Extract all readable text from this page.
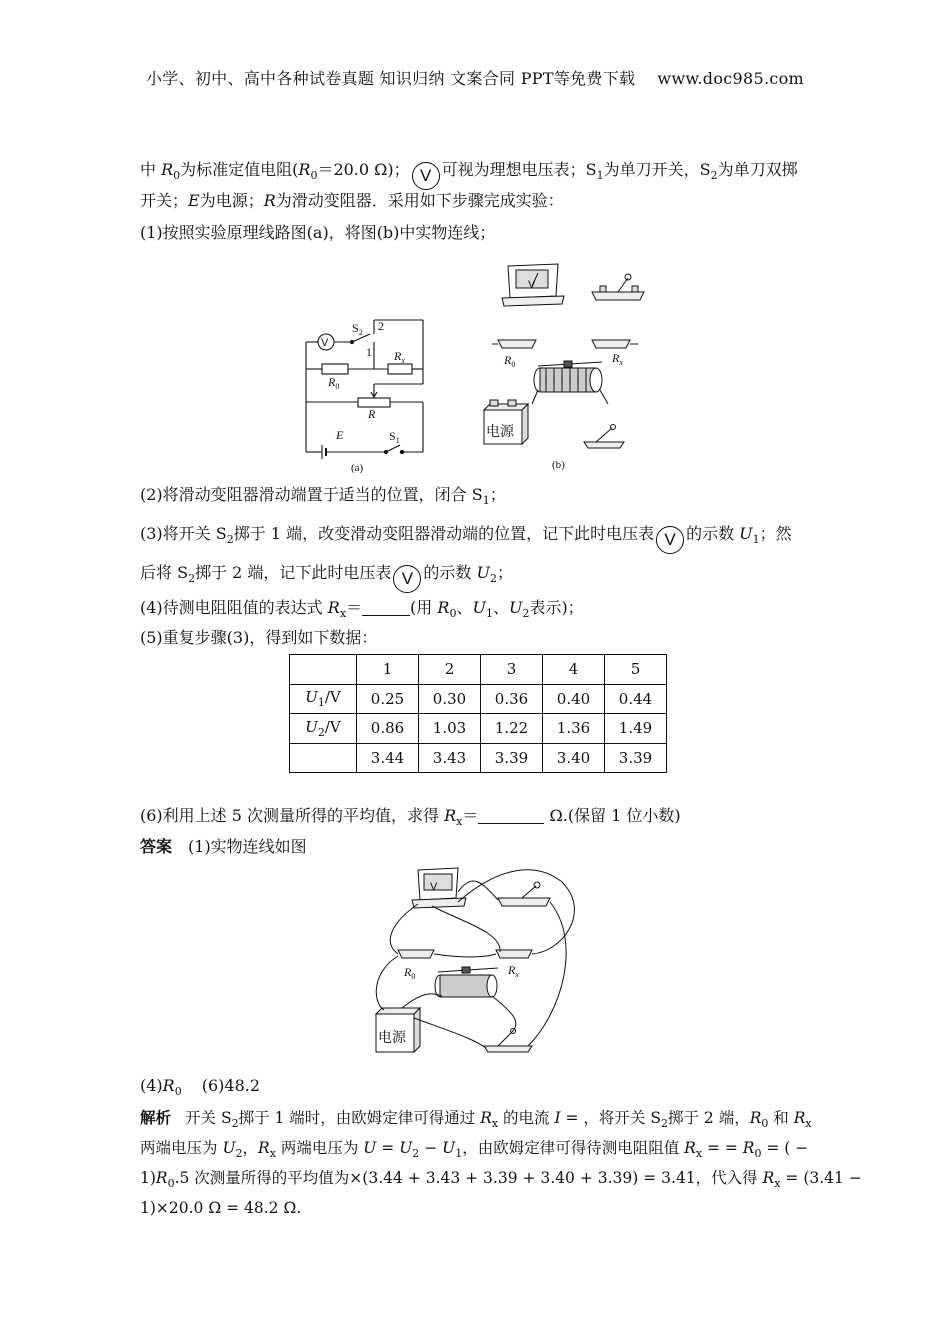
小学、初中、高中各种试卷真题 知识归纳 文案合同 PPT等免费下载 www.doc985.com
中 $R_0$为标准定值电阻($R_0=20.0$ Ω)； V 可视为理想电压表；$S_1$为单刀开关，$S_2$为单刀双掷
开关；E为电源；R为滑动变阻器．采用如下步骤完成实验：
(1)按照实验原理线路图(a)，将图(b)中实物连线；
V
$S_2$ 2
1 $R_x$
$R_0$
R
E	$S_1$
(a)
V
$R_0$	$R_x$
电源
(b)
(2)将滑动变阻器滑动端置于适当的位置，闭合 $S_1$；
(3)将开关 $S_2$掷于 1 端，改变滑动变阻器滑动端的位置，记下此时电压表 V 的示数 $U_1$；然
后将 $S_2$掷于 2 端，记下此时电压表 V 的示数 $U_2$；
(4)待测电阻阻值的表达式 $R_x=$	(用 $R_0$、$U_1$、$U_2$表示)；
(5)重复步骤(3)，得到如下数据：
	1	2	3	4	5
$U_1/V$	0.25	0.30	0.36	0.40	0.44
$U_2/V$	0.86	1.03	1.22	1.36	1.49
	3.44	3.43	3.39	3.40	3.39
(6)利用上述 5 次测量所得的平均值，求得 $R_x=$	Ω.(保留 1 位小数)
答案 (1)实物连线如图
V
$R_0$	$R_x$
电源
$(4)R_0$ (6)48.2
解析 开关 $S_2$掷于 1 端时，由欧姆定律可得通过 $R_x$ 的电流 I = ，将开关 $S_2$掷于 2 端，$R_0$ 和 $R_x$
两端电压为 $U_2$，$R_x$ 两端电压为 $U = U_2 - U_1$，由欧姆定律可得待测电阻阻值 $R_x$ = = $R_0$ = ( −
$1)R_0.5$ 次测量所得的平均值为×(3.44 + 3.43 + 3.39 + 3.40 + 3.39) = 3.41，代入得 $R_x = (3.41$ −
1)×20.0 Ω = 48.2 Ω.
